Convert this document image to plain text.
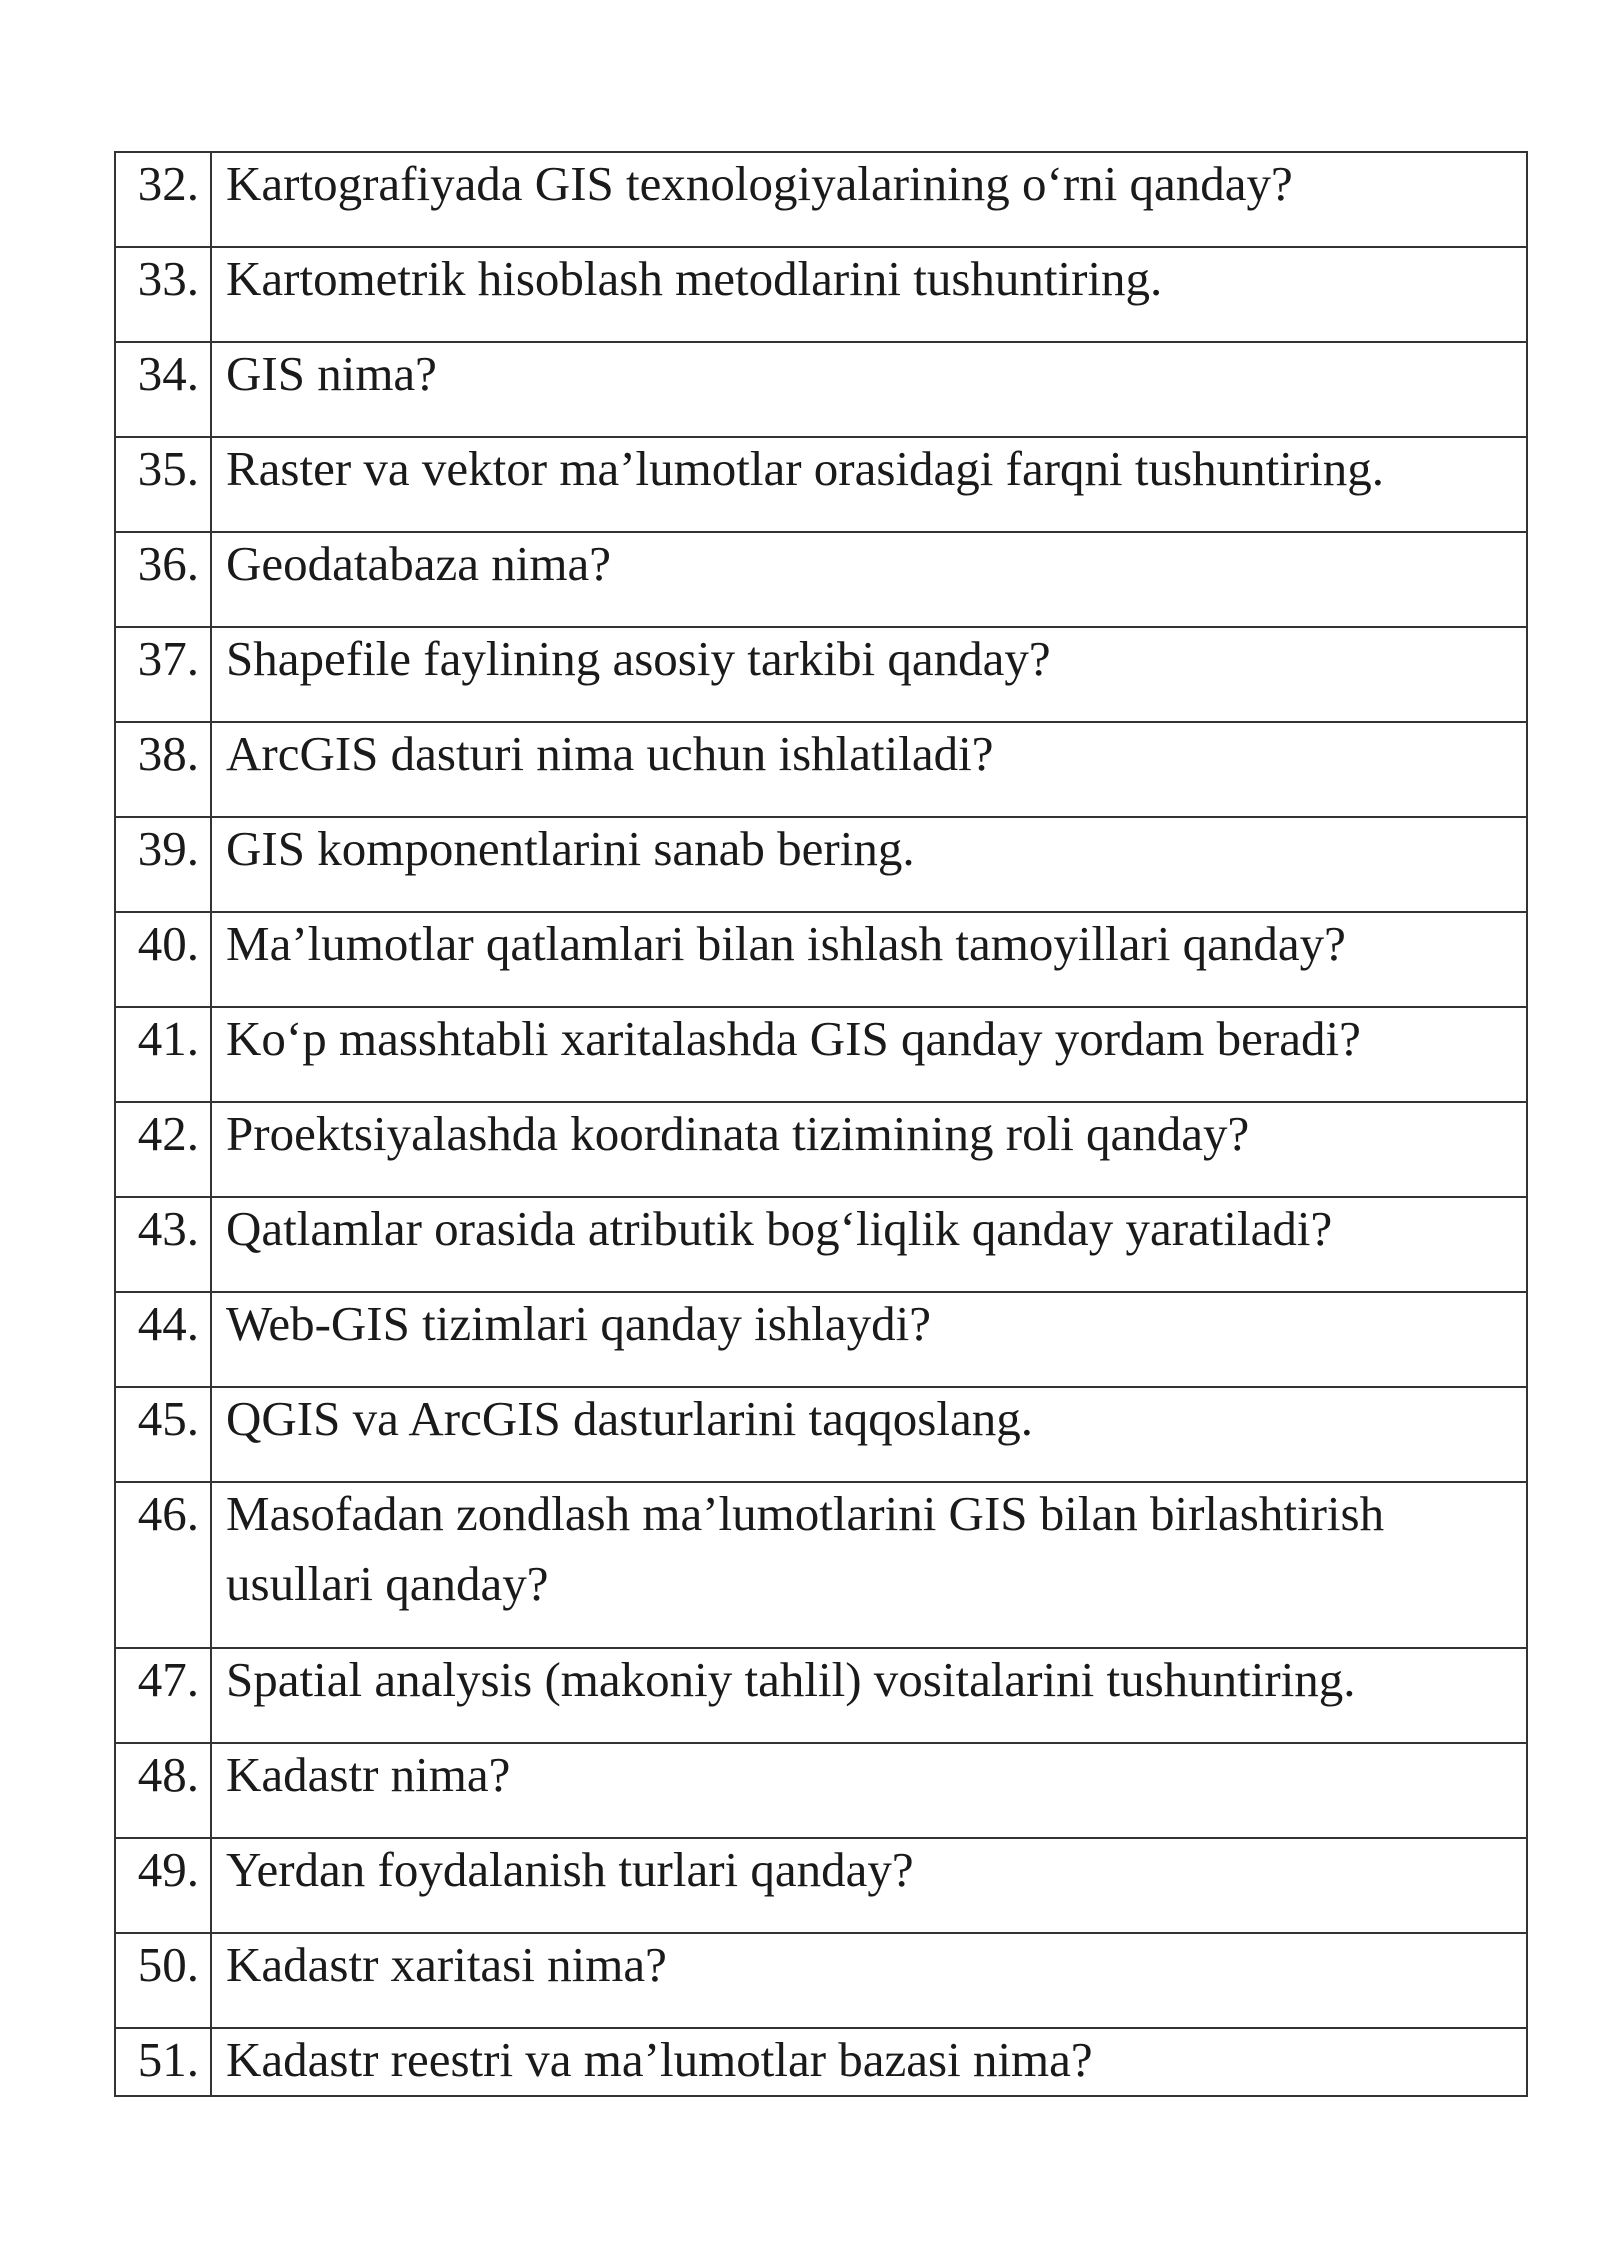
32.	Kartografiyada GIS texnologiyalarining o‘rni qanday?

33.	Kartometrik hisoblash metodlarini tushuntiring.

34.	GIS nima?

35.	Raster va vektor ma’lumotlar orasidagi farqni tushuntiring.

36.	Geodatabaza nima?

37.	Shapefile faylining asosiy tarkibi qanday?

38.	ArcGIS dasturi nima uchun ishlatiladi?

39.	GIS komponentlarini sanab bering.

40.	Ma’lumotlar qatlamlari bilan ishlash tamoyillari qanday?

41.	Ko‘p masshtabli xaritalashda GIS qanday yordam beradi?

42.	Proektsiyalashda koordinata tizimining roli qanday?

43.	Qatlamlar orasida atributik bog‘liqlik qanday yaratiladi?

44.	Web-GIS tizimlari qanday ishlaydi?

45.	QGIS va ArcGIS dasturlarini taqqoslang.

46.	Masofadan zondlash ma’lumotlarini GIS bilan birlashtirish usullari qanday?

47.	Spatial analysis (makoniy tahlil) vositalarini tushuntiring.

48.	Kadastr nima?

49.	Yerdan foydalanish turlari qanday?

50.	Kadastr xaritasi nima?

51.	Kadastr reestri va ma’lumotlar bazasi nima?
